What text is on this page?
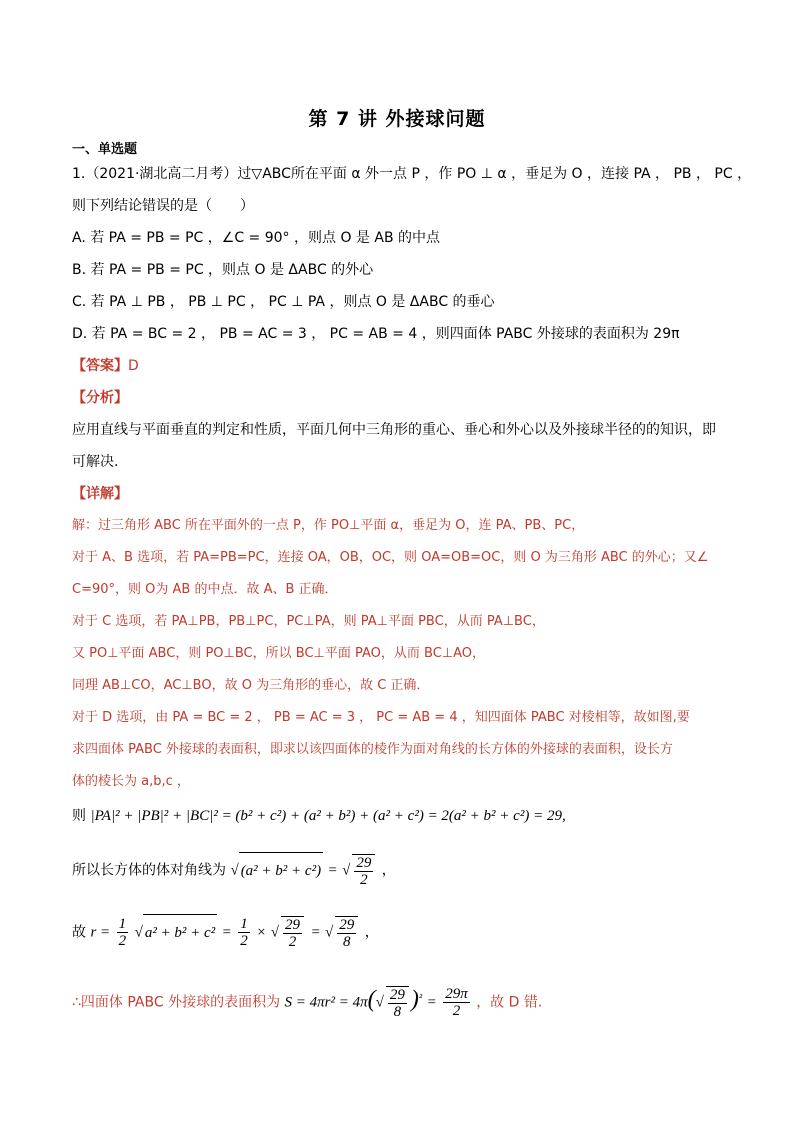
第 7 讲 外接球问题
一、单选题
1.（2021·湖北高二月考）过▽ABC所在平面 α 外一点 P ，作 PO ⊥ α ，垂足为 O ，连接 PA ， PB ， PC ，
则下列结论错误的是（　　）
A. 若 PA = PB = PC ，∠C = 90° ，则点 O 是 AB 的中点
B. 若 PA = PB = PC ，则点 O 是 ΔABC 的外心
C. 若 PA ⊥ PB ， PB ⊥ PC ， PC ⊥ PA ，则点 O 是 ΔABC 的垂心
D. 若 PA = BC = 2 ， PB = AC = 3 ， PC = AB = 4 ，则四面体 PABC 外接球的表面积为 29π
【答案】D
【分析】
应用直线与平面垂直的判定和性质，平面几何中三角形的重心、垂心和外心以及外接球半径的的知识，即
可解决.
【详解】
解：过三角形 ABC 所在平面外的一点 P，作 PO⊥平面 α，垂足为 O，连 PA、PB、PC，
对于 A、B 选项，若 PA=PB=PC，连接 OA，OB，OC，则 OA=OB=OC，则 O 为三角形 ABC 的外心；又∠
C=90°，则 O为 AB 的中点．故 A、B 正确．
对于 C 选项，若 PA⊥PB，PB⊥PC，PC⊥PA，则 PA⊥平面 PBC，从而 PA⊥BC，
又 PO⊥平面 ABC，则 PO⊥BC，所以 BC⊥平面 PAO，从而 BC⊥AO，
同理 AB⊥CO，AC⊥BO，故 O 为三角形的垂心，故 C 正确．
对于 D 选项，由 PA = BC = 2 ， PB = AC = 3 ， PC = AB = 4 ，知四面体 PABC 对棱相等，故如图,要
求四面体 PABC 外接球的表面积，即求以该四面体的棱作为面对角线的长方体的外接球的表面积，设长方
体的棱长为 a,b,c ，
则 |PA|² + |PB|² + |BC|² = (b² + c²) + (a² + b²) + (a² + c²) = 2(a² + b² + c²) = 29,
所以长方体的体对角线为 √ (a² + b² + c²) = √ $\frac{29}{2}$ ，
故 $r = \frac{1}{2}$ √ $a^2 + b^2 + c^2 = \frac{1}{2}$ × √ $\frac{29}{2}$ = √ $\frac{29}{8}$ ，
∴四面体 PABC 外接球的表面积为 $S = 4\pi r^2 = 4\pi(√ \frac{29}{8} )^{^2} = \frac{29\pi}{2}$ ，故 D 错.
